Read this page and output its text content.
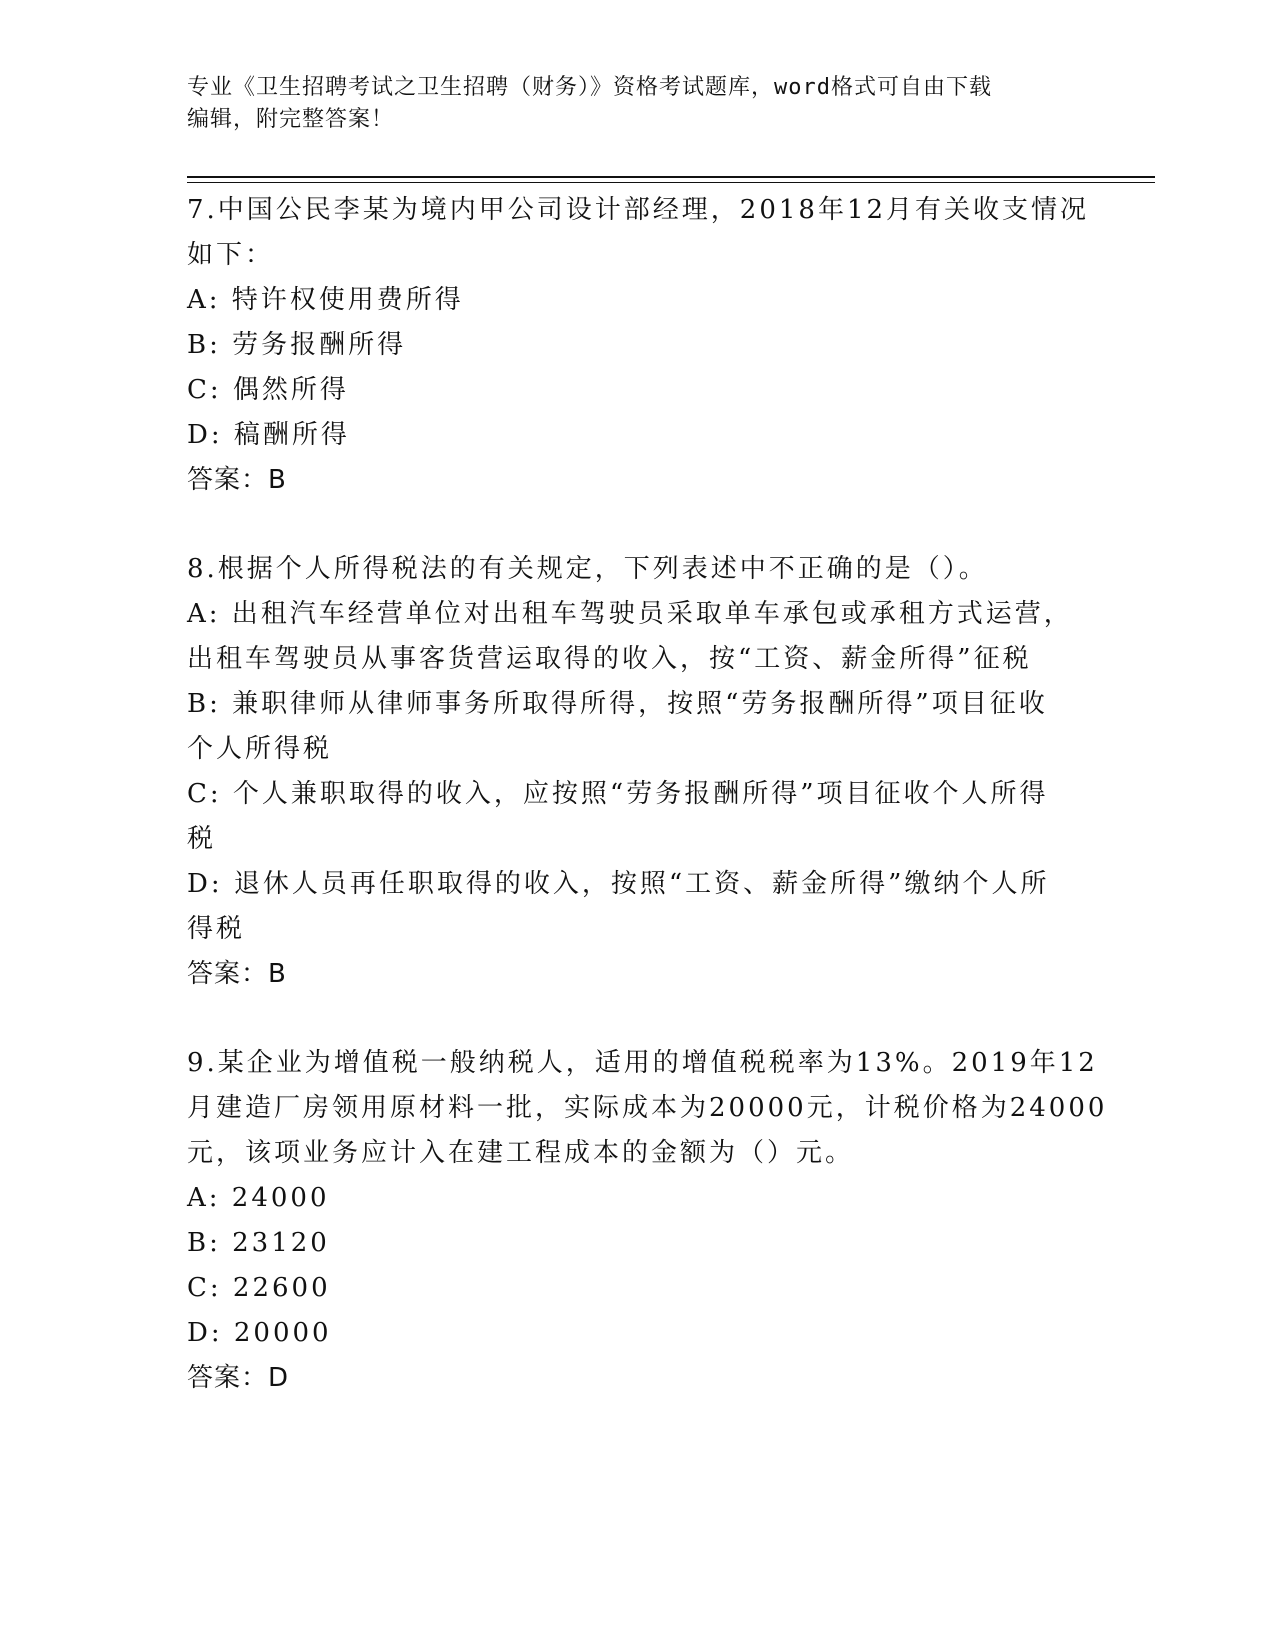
专业《卫生招聘考试之卫生招聘（财务）》资格考试题库，word格式可自由下载
编辑，附完整答案！
7.中国公民李某为境内甲公司设计部经理，2018年12月有关收支情况
如下：
A: 特许权使用费所得
B: 劳务报酬所得
C: 偶然所得
D: 稿酬所得
答案：B
8.根据个人所得税法的有关规定，下列表述中不正确的是（）。
A: 出租汽车经营单位对出租车驾驶员采取单车承包或承租方式运营，
出租车驾驶员从事客货营运取得的收入，按“工资、薪金所得”征税
B: 兼职律师从律师事务所取得所得，按照“劳务报酬所得”项目征收
个人所得税
C: 个人兼职取得的收入，应按照“劳务报酬所得”项目征收个人所得
税
D: 退休人员再任职取得的收入，按照“工资、薪金所得”缴纳个人所
得税
答案：B
9.某企业为增值税一般纳税人，适用的增值税税率为13%。2019年12
月建造厂房领用原材料一批，实际成本为20000元，计税价格为24000
元，该项业务应计入在建工程成本的金额为（）元。
A: 24000
B: 23120
C: 22600
D: 20000
答案：D
